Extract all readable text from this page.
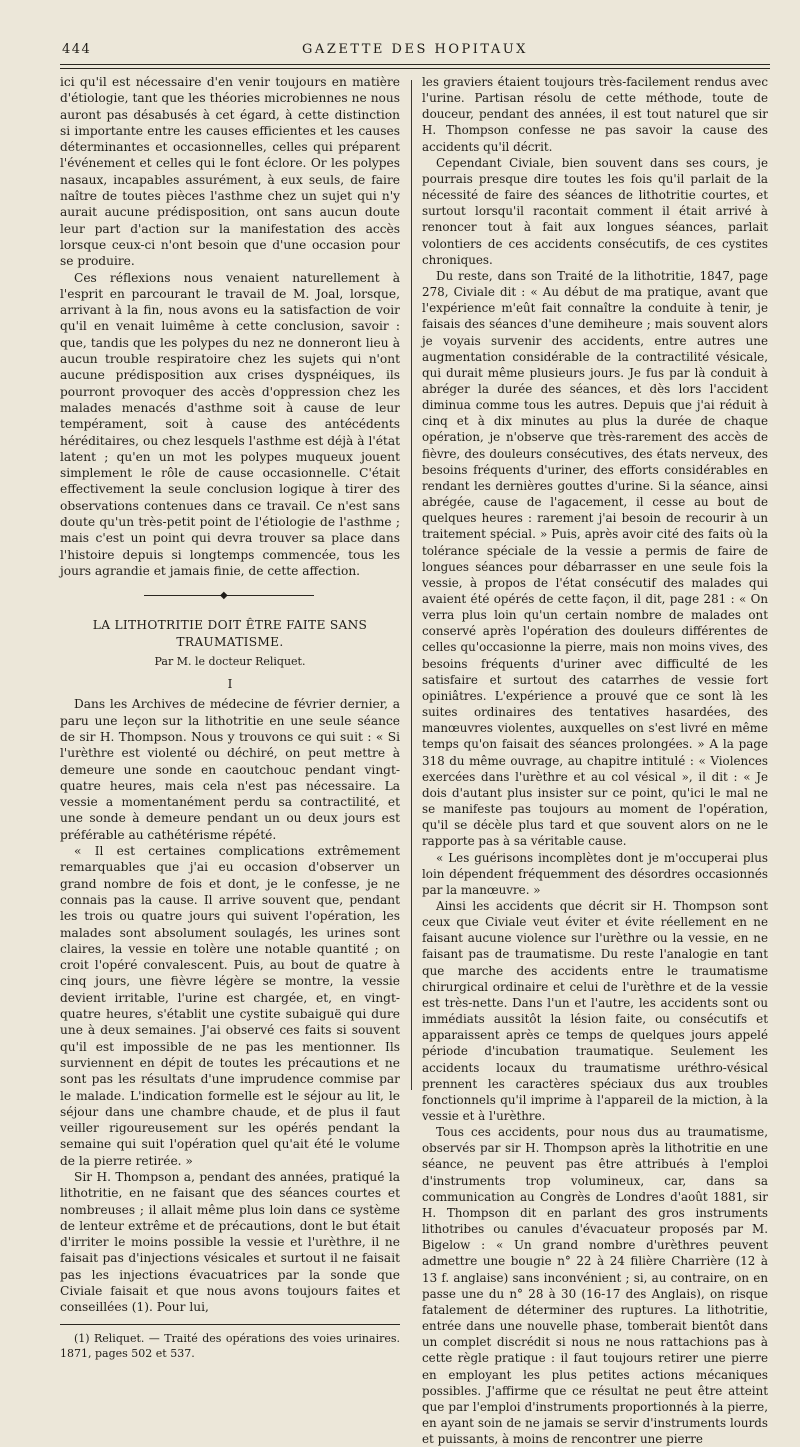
444	GAZETTE DES HOPITAUX

ici qu'il est nécessaire d'en venir toujours en matière d'étiologie, tant que les théories microbiennes ne nous auront pas désabusés à cet égard, à cette distinction si importante entre les causes efficientes et les causes déterminantes et occasionnelles, celles qui préparent l'événement et celles qui le font éclore. Or les polypes nasaux, incapables assurément, à eux seuls, de faire naître de toutes pièces l'asthme chez un sujet qui n'y aurait aucune prédisposition, ont sans aucun doute leur part d'action sur la manifestation des accès lorsque ceux-ci n'ont besoin que d'une occasion pour se produire.

Ces réflexions nous venaient naturellement à l'esprit en parcourant le travail de M. Joal, lorsque, arrivant à la fin, nous avons eu la satisfaction de voir qu'il en venait luimême à cette conclusion, savoir : que, tandis que les polypes du nez ne donneront lieu à aucun trouble respiratoire chez les sujets qui n'ont aucune prédisposition aux crises dyspnéiques, ils pourront provoquer des accès d'oppression chez les malades menacés d'asthme soit à cause de leur tempérament, soit à cause des antécédents héréditaires, ou chez lesquels l'asthme est déjà à l'état latent ; qu'en un mot les polypes muqueux jouent simplement le rôle de cause occasionnelle. C'était effectivement la seule conclusion logique à tirer des observations contenues dans ce travail. Ce n'est sans doute qu'un très-petit point de l'étiologie de l'asthme ; mais c'est un point qui devra trouver sa place dans l'histoire depuis si longtemps commencée, tous les jours agrandie et jamais finie, de cette affection.

◆
LA LITHOTRITIE DOIT ÊTRE FAITE SANS TRAUMATISME.
Par M. le docteur Reliquet.
I

Dans les Archives de médecine de février dernier, a paru une leçon sur la lithotritie en une seule séance de sir H. Thompson. Nous y trouvons ce qui suit : « Si l'urèthre est violenté ou déchiré, on peut mettre à demeure une sonde en caoutchouc pendant vingt-quatre heures, mais cela n'est pas nécessaire. La vessie a momentanément perdu sa contractilité, et une sonde à demeure pendant un ou deux jours est préférable au cathétérisme répété.

« Il est certaines complications extrêmement remarquables que j'ai eu occasion d'observer un grand nombre de fois et dont, je le confesse, je ne connais pas la cause. Il arrive souvent que, pendant les trois ou quatre jours qui suivent l'opération, les malades sont absolument soulagés, les urines sont claires, la vessie en tolère une notable quantité ; on croit l'opéré convalescent. Puis, au bout de quatre à cinq jours, une fièvre légère se montre, la vessie devient irritable, l'urine est chargée, et, en vingt-quatre heures, s'établit une cystite subaiguë qui dure une à deux semaines. J'ai observé ces faits si souvent qu'il est impossible de ne pas les mentionner. Ils surviennent en dépit de toutes les précautions et ne sont pas les résultats d'une imprudence commise par le malade. L'indication formelle est le séjour au lit, le séjour dans une chambre chaude, et de plus il faut veiller rigoureusement sur les opérés pendant la semaine qui suit l'opération quel qu'ait été le volume de la pierre retirée. »

Sir H. Thompson a, pendant des années, pratiqué la lithotritie, en ne faisant que des séances courtes et nombreuses ; il allait même plus loin dans ce système de lenteur extrême et de précautions, dont le but était d'irriter le moins possible la vessie et l'urèthre, il ne faisait pas d'injections vésicales et surtout il ne faisait pas les injections évacuatrices par la sonde que Civiale faisait et que nous avons toujours faites et conseillées (1). Pour lui,

(1) Reliquet. — Traité des opérations des voies urinaires. 1871, pages 502 et 537.

les graviers étaient toujours très-facilement rendus avec l'urine. Partisan résolu de cette méthode, toute de douceur, pendant des années, il est tout naturel que sir H. Thompson confesse ne pas savoir la cause des accidents qu'il décrit.

Cependant Civiale, bien souvent dans ses cours, je pourrais presque dire toutes les fois qu'il parlait de la nécessité de faire des séances de lithotritie courtes, et surtout lorsqu'il racontait comment il était arrivé à renoncer tout à fait aux longues séances, parlait volontiers de ces accidents consécutifs, de ces cystites chroniques.

Du reste, dans son Traité de la lithotritie, 1847, page 278, Civiale dit : « Au début de ma pratique, avant que l'expérience m'eût fait connaître la conduite à tenir, je faisais des séances d'une demiheure ; mais souvent alors je voyais survenir des accidents, entre autres une augmentation considérable de la contractilité vésicale, qui durait même plusieurs jours. Je fus par là conduit à abréger la durée des séances, et dès lors l'accident diminua comme tous les autres. Depuis que j'ai réduit à cinq et à dix minutes au plus la durée de chaque opération, je n'observe que très-rarement des accès de fièvre, des douleurs consécutives, des états nerveux, des besoins fréquents d'uriner, des efforts considérables en rendant les dernières gouttes d'urine. Si la séance, ainsi abrégée, cause de l'agacement, il cesse au bout de quelques heures : rarement j'ai besoin de recourir à un traitement spécial. » Puis, après avoir cité des faits où la tolérance spéciale de la vessie a permis de faire de longues séances pour débarrasser en une seule fois la vessie, à propos de l'état consécutif des malades qui avaient été opérés de cette façon, il dit, page 281 : « On verra plus loin qu'un certain nombre de malades ont conservé après l'opération des douleurs différentes de celles qu'occasionne la pierre, mais non moins vives, des besoins fréquents d'uriner avec difficulté de les satisfaire et surtout des catarrhes de vessie fort opiniâtres. L'expérience a prouvé que ce sont là les suites ordinaires des tentatives hasardées, des manœuvres violentes, auxquelles on s'est livré en même temps qu'on faisait des séances prolongées. » A la page 318 du même ouvrage, au chapitre intitulé : « Violences exercées dans l'urèthre et au col vésical », il dit : « Je dois d'autant plus insister sur ce point, qu'ici le mal ne se manifeste pas toujours au moment de l'opération, qu'il se décèle plus tard et que souvent alors on ne le rapporte pas à sa véritable cause.

« Les guérisons incomplètes dont je m'occuperai plus loin dépendent fréquemment des désordres occasionnés par la manœuvre. »

Ainsi les accidents que décrit sir H. Thompson sont ceux que Civiale veut éviter et évite réellement en ne faisant aucune violence sur l'urèthre ou la vessie, en ne faisant pas de traumatisme. Du reste l'analogie en tant que marche des accidents entre le traumatisme chirurgical ordinaire et celui de l'urèthre et de la vessie est très-nette. Dans l'un et l'autre, les accidents sont ou immédiats aussitôt la lésion faite, ou consécutifs et apparaissent après ce temps de quelques jours appelé période d'incubation traumatique. Seulement les accidents locaux du traumatisme uréthro-vésical prennent les caractères spéciaux dus aux troubles fonctionnels qu'il imprime à l'appareil de la miction, à la vessie et à l'urèthre.

Tous ces accidents, pour nous dus au traumatisme, observés par sir H. Thompson après la lithotritie en une séance, ne peuvent pas être attribués à l'emploi d'instruments trop volumineux, car, dans sa communication au Congrès de Londres d'août 1881, sir H. Thompson dit en parlant des gros instruments lithotribes ou canules d'évacuateur proposés par M. Bigelow : « Un grand nombre d'urèthres peuvent admettre une bougie n° 22 à 24 filière Charrière (12 à 13 f. anglaise) sans inconvénient ; si, au contraire, on en passe une du n° 28 à 30 (16-17 des Anglais), on risque fatalement de déterminer des ruptures. La lithotritie, entrée dans une nouvelle phase, tomberait bientôt dans un complet discrédit si nous ne nous rattachions pas à cette règle pratique : il faut toujours retirer une pierre en employant les plus petites actions mécaniques possibles. J'affirme que ce résultat ne peut être atteint que par l'emploi d'instruments proportionnés à la pierre, en ayant soin de ne jamais se servir d'instruments lourds et puissants, à moins de rencontrer une pierre
